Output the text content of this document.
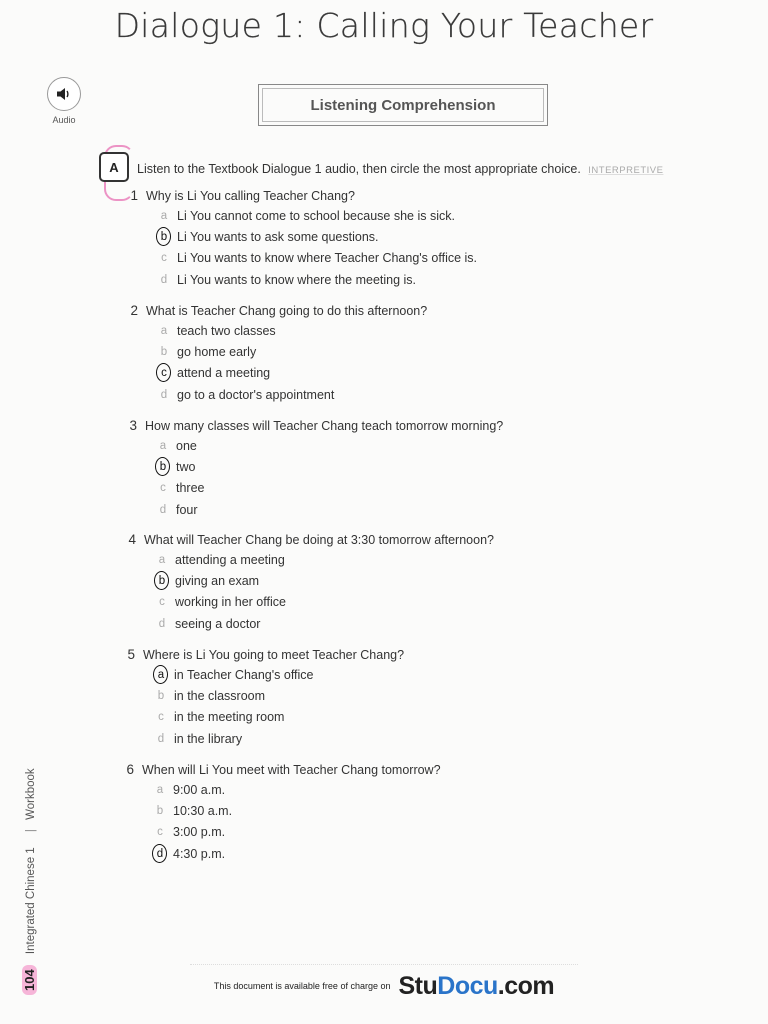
Dialogue 1: Calling Your Teacher
Audio
Listening Comprehension
A	Listen to the Textbook Dialogue 1 audio, then circle the most appropriate choice. INTERPRETIVE
1 Why is Li You calling Teacher Chang?
a Li You cannot come to school because she is sick.
b Li You wants to ask some questions.
c Li You wants to know where Teacher Chang's office is.
d Li You wants to know where the meeting is.
2 What is Teacher Chang going to do this afternoon?
a teach two classes
b go home early
c attend a meeting
d go to a doctor's appointment
3 How many classes will Teacher Chang teach tomorrow morning?
a one
b two
c three
d four
4 What will Teacher Chang be doing at 3:30 tomorrow afternoon?
a attending a meeting
b giving an exam
c working in her office
d seeing a doctor
5 Where is Li You going to meet Teacher Chang?
a in Teacher Chang's office
b in the classroom
c in the meeting room
d in the library
6 When will Li You meet with Teacher Chang tomorrow?
a 9:00 a.m.
b 10:30 a.m.
c 3:00 p.m.
d 4:30 p.m.
104 Integrated Chinese 1 | Workbook
This document is available free of charge on StuDocu.com
